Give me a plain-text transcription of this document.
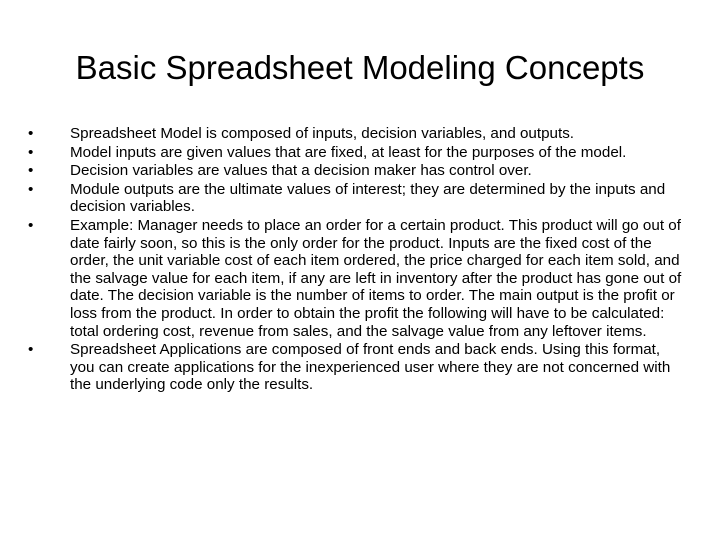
Basic Spreadsheet Modeling Concepts
•	Spreadsheet Model is composed of inputs, decision variables, and outputs.
•	Model inputs are given values that are fixed, at least for the purposes of the model.
•	Decision variables are values that a decision maker has control over.
•	Module outputs are the ultimate values of interest; they are determined by the inputs and decision variables.
•	Example: Manager needs to place an order for a certain product. This product will go out of date fairly soon, so this is the only order for the product. Inputs are the fixed cost of the order, the unit variable cost of each item ordered, the price charged for each item sold, and the salvage value for each item, if any are left in inventory after the product has gone out of date. The decision variable is the number of items to order. The main output is the profit or loss from the product. In order to obtain the profit the following will have to be calculated: total ordering cost, revenue from sales, and the salvage value from any leftover items.
•	Spreadsheet Applications are composed of front ends and back ends. Using this format, you can create applications for the inexperienced user where they are not concerned with the underlying code only the results.
